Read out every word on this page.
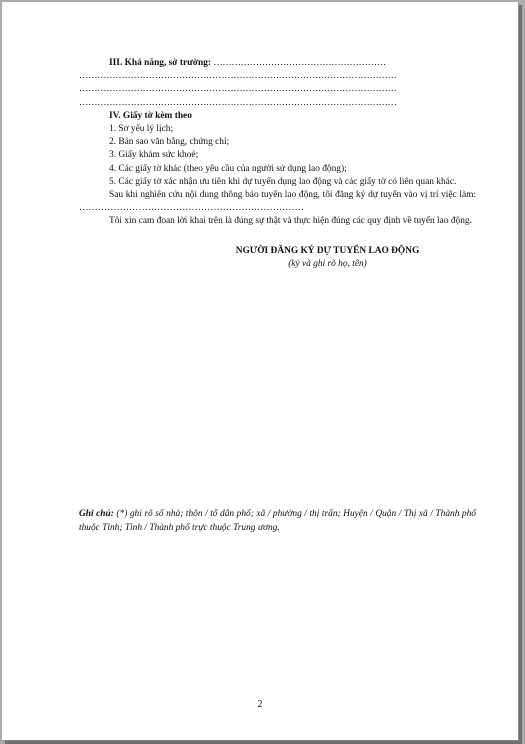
III. Khả năng, sở trường: …………………………………………………
……………………………………………………………………………………………
……………………………………………………………………………………………
……………………………………………………………………………………………
IV. Giấy tờ kèm theo
1. Sơ yếu lý lịch;
2. Bản sao văn bằng, chứng chỉ;
3. Giấy khám sức khoẻ;
4. Các giấy tờ khác (theo yêu cầu của người sử dụng lao động);
5. Các giấy tờ xác nhận ưu tiên khi dự tuyển dụng lao động và các giấy tờ có liên quan khác.
Sau khi nghiên cứu nội dung thông báo tuyển lao động, tôi đăng ký dự tuyển vào vị trí việc làm: ………………………………………………………………
Tôi xin cam đoan lời khai trên là đúng sự thật và thực hiện đúng các quy định về tuyển lao động.
NGƯỜI ĐĂNG KÝ DỰ TUYỂN LAO ĐỘNG
(ký và ghi rõ họ, tên)
Ghi chú: (*) ghi rõ số nhà; thôn / tổ dân phố; xã / phường / thị trấn; Huyện / Quận / Thị xã / Thành phố thuộc Tỉnh; Tỉnh / Thành phố trực thuộc Trung ương.
2
